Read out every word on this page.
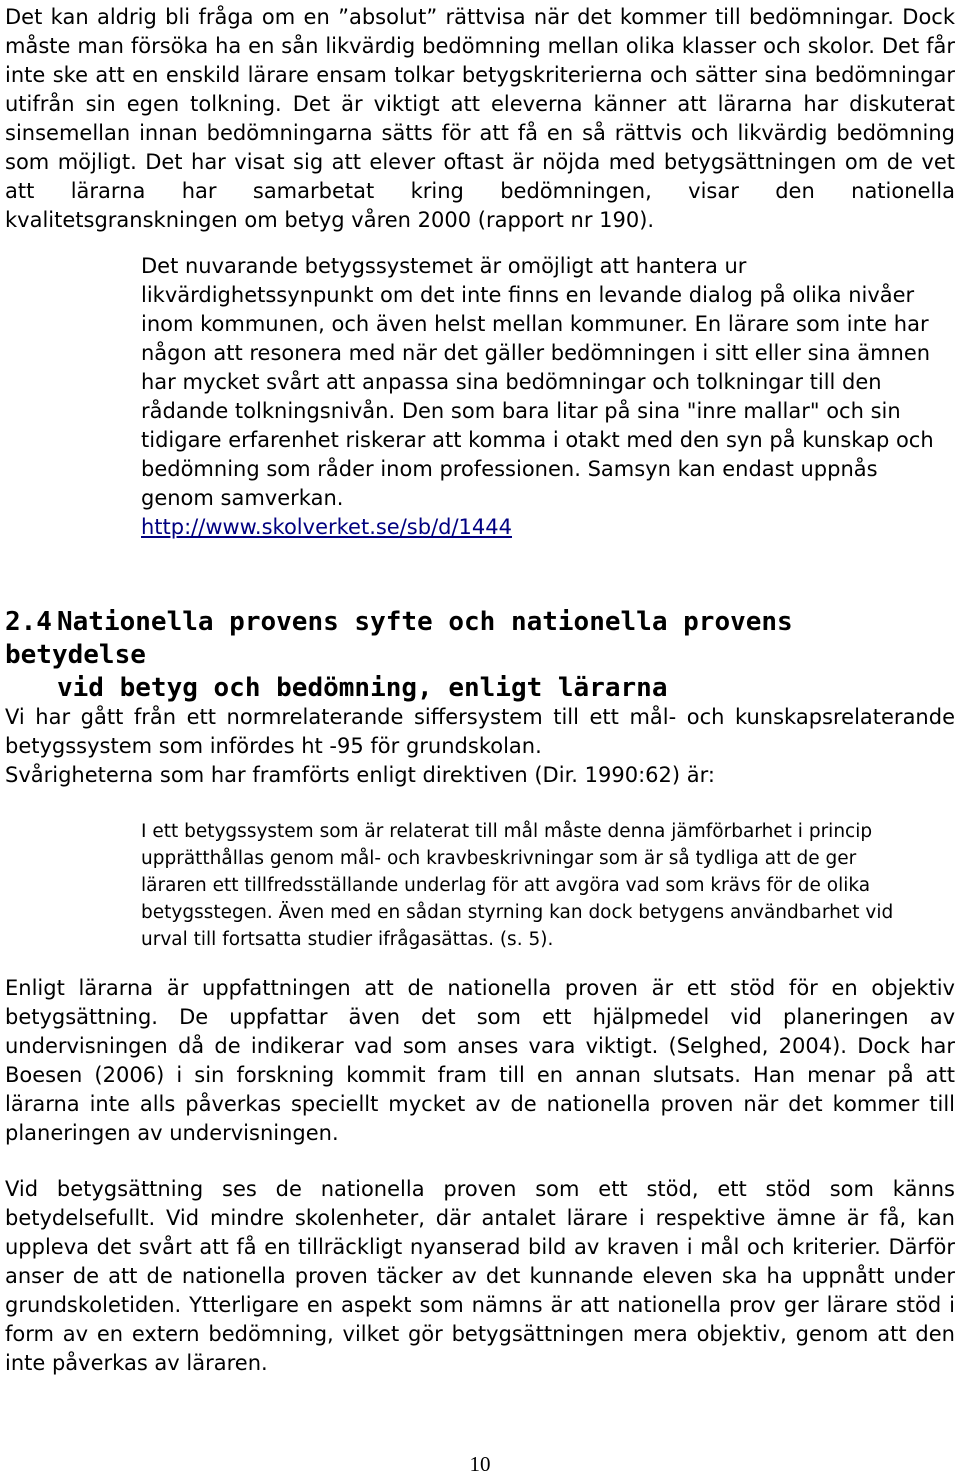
Det kan aldrig bli fråga om en ”absolut” rättvisa när det kommer till bedömningar. Dock måste man försöka ha en sån likvärdig bedömning mellan olika klasser och skolor. Det får inte ske att en enskild lärare ensam tolkar betygskriterierna och sätter sina bedömningar utifrån sin egen tolkning. Det är viktigt att eleverna känner att lärarna har diskuterat sinsemellan innan bedömningarna sätts för att få en så rättvis och likvärdig bedömning som möjligt. Det har visat sig att elever oftast är nöjda med betygsättningen om de vet att lärarna har samarbetat kring bedömningen, visar den nationella kvalitetsgranskningen om betyg våren 2000 (rapport nr 190).

Det nuvarande betygssystemet är omöjligt att hantera ur likvärdighetssynpunkt om det inte finns en levande dialog på olika nivåer inom kommunen, och även helst mellan kommuner. En lärare som inte har någon att resonera med när det gäller bedömningen i sitt eller sina ämnen har mycket svårt att anpassa sina bedömningar och tolkningar till den rådande tolkningsnivån. Den som bara litar på sina "inre mallar" och sin tidigare erfarenhet riskerar att komma i otakt med den syn på kunskap och bedömning som råder inom professionen. Samsyn kan endast uppnås genom samverkan.
http://www.skolverket.se/sb/d/1444
2.4 Nationella provens syfte och nationella provens betydelse
vid betyg och bedömning, enligt lärarna

Vi har gått från ett normrelaterande siffersystem till ett mål- och kunskapsrelaterande betygssystem som infördes ht -95 för grundskolan.
Svårigheterna som har framförts enligt direktiven (Dir. 1990:62) är:

I ett betygssystem som är relaterat till mål måste denna jämförbarhet i princip upprätthållas genom mål- och kravbeskrivningar som är så tydliga att de ger läraren ett tillfredsställande underlag för att avgöra vad som krävs för de olika betygsstegen. Även med en sådan styrning kan dock betygens användbarhet vid urval till fortsatta studier ifrågasättas. (s. 5).

Enligt lärarna är uppfattningen att de nationella proven är ett stöd för en objektiv betygsättning. De uppfattar även det som ett hjälpmedel vid planeringen av undervisningen då de indikerar vad som anses vara viktigt. (Selghed, 2004). Dock har Boesen (2006) i sin forskning kommit fram till en annan slutsats. Han menar på att lärarna inte alls påverkas speciellt mycket av de nationella proven när det kommer till planeringen av undervisningen.

Vid betygsättning ses de nationella proven som ett stöd, ett stöd som känns betydelsefullt. Vid mindre skolenheter, där antalet lärare i respektive ämne är få, kan uppleva det svårt att få en tillräckligt nyanserad bild av kraven i mål och kriterier. Därför anser de att de nationella proven täcker av det kunnande eleven ska ha uppnått under grundskoletiden. Ytterligare en aspekt som nämns är att nationella prov ger lärare stöd i form av en extern bedömning, vilket gör betygsättningen mera objektiv, genom att den inte påverkas av läraren.

10
